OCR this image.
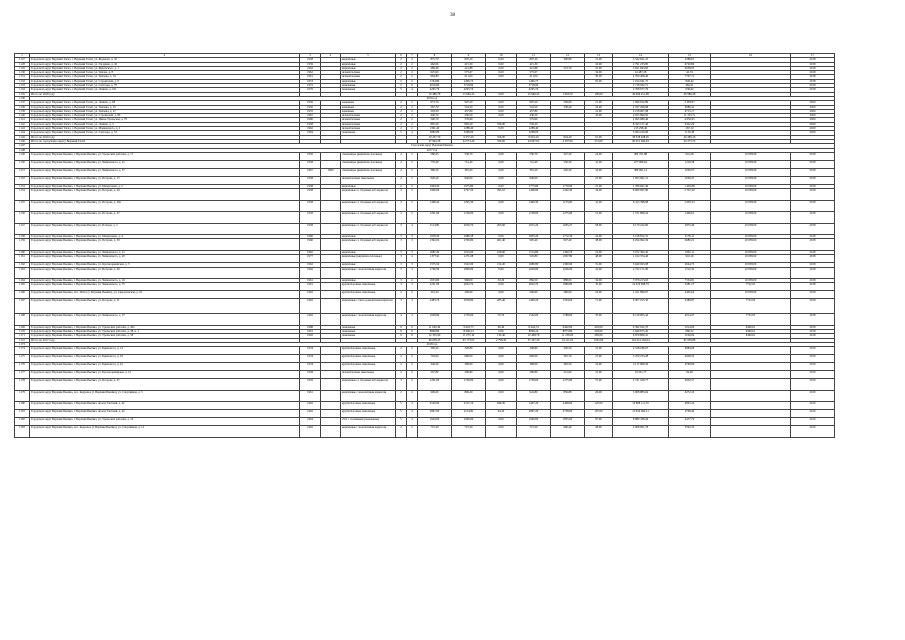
38
1	2	3	4	5	6	7	8	9	10	11	12	13	14	15	16	17
1127	Городской округ Верхний Тагил, г. Верхний Тагил, ул. Жданова, д. 32	1958		кирпичные	2	2	875,70	807,20	0,00	807,20	390,80	21,00	3 542 621,25	4388,81		2018
1128	Городской округ Верхний Тагил, г. Верхний Тагил, ул. Гагарина, д. 4б	1959		кирпичные	2	2	462,06	415,30	0,00	415,30		16,00	2 791 233,85	6720,89		2018
1129	Городской округ Верхний Тагил, г. Верхний Тагил, ул. Жуковского, д. 1	1962		кирпичные	2	2	489,46	421,88	0,00	421,88	272,70	25,00	3 821 693,60	9058,63		2018
1130	Городской округ Верхний Тагил, г. Верхний Тагил, ул. Чехова, д. 8	1962		шлакоблочные	2	2	625,00	575,67	0,00	575,67		34,00	24 487,28	42,53		2018
1131	Городской округ Верхний Тагил, г. Верхний Тагил, ул. Чапаева, д. 34	1961		шлакоблочные	2	2	664,80	611,00	0,00	611,00		30,00	4 709 408,46	7707,71		2018
1132	Городской округ Верхний Тагил, г. Верхний Тагил, ул. Строителей, д. 8	1953		кирпичные	2	2	1764,80	1406,75		1406,75		65,00	1 194 941,75	849,44		2018
1133	Городской округ Верхний Тагил, г. Верхний Тагил, ул. Свободы, д. 79	1975		панельные	5	6	4019,00	3718,90		3718,90			1 718 932,71	462,21		2018
1134	Городской округ Верхний Тагил, г. Верхний Тагил, ул. Ленина, д. 101	1976		панельные	5	4	4295,76	4295,76		4295,76			2 708 977,76	630,62		2018
1135	Итого по 2018 году						16 486,78	15 066,45	0,00	15 066,45	1 663,50	190,00	49 666 451,88	46 986,48		
1136	2019 год															
1137	Городской округ Верхний Тагил, г. Верхний Тагил, ул. Ленина, д. 68	1956		каменные	2	2	973,70	907,20	0,00	907,20	506,00	21,00	1 696 632,89	2 383,97		2020
1138	Городской округ Верхний Тагил, г. Верхний Тагил, ул. Чапаева, д. 25	1956		каменные	2	2	567,70	524,50	0,00	524,50	338,40	16,00	4 767 269,98	9086,41		2020
1139	Городской округ Верхний Тагил, г. Верхний Тагил, ул. Чапаева, д. 27	1955		каменные	2	2	503,50	457,80	0,00	457,80		12,00	2 158 607,98	4715,17		2020
1140	Городской округ Верхний Тагил, г. Верхний Тагил, ул. Строителей, д. 8б	1967		шлакоблочные	2	2	446,70	436,50	0,00	436,50		10,00	4 955 890,92	11 353,71		2020
1141	Городской округ Верхний Тагил, г. Верхний Тагил, ул. Иване-Уральская, д. 79	1960		шлакоблочные	2	2	596,70	579,60		579,60			2 695 689,46	4 650,95		2020
1142	Городской округ Верхний Тагил, г. Верхний Тагил, ул. Ленина, д. 5	1958		шлакоблочные	2	2	865,20	895,20	356,00	539,20			8 345 157,46	9322,20		2020
1143	Городской округ Верхний Тагил, г. Верхний Тагил, ул. Маяковского, д. 2	1962		шлакоблочные	2	2	1391,40	1288,40	0,00	1288,40			215 298,40	167,10		2020
1144	Городской округ Верхний Тагил, г. Верхний Тагил, ул. Свободы, д. 53	1964		панельные	5	4	3882,80	3268,00		3268,00			3 694 100,96	1130,38		2020
1145	Итого по 2019 году						10 227,70	9 357,20	356,00	9 001,20	844,40	61,00	38 528 648,05	46 289,26		
1146	Итого по городскому округу Верхний Тагил						27 902,28	24 573,46	356,00	24 067,65	2 507,90	251,00	90 051 099,94	93 275,74		
1147	Городской округ Верхняя Пышма															
1148	2017 год															
1149	Городской округ Верхняя Пышма, г. Верхняя Пышма, ул. Уральских рабочих, д. 17	1956		смешанные (кирпично-блочные)	2	2	580,45	536,70	0,00	536,70	327,20	24,00	484 701,88	641,28	10 038,00	2018
1150	Городской округ Верхняя Пышма, г. Верхняя Пышма, ул. Чайковского, д. 2а	1958		смешанные (кирпично-блочные)	2	2	770,40	741,40	0,00	741,40	550,50	41,00	477 980,64	1218,38	10 038,00	2018
1151	Городской округ Верхняя Пышма, г. Верхняя Пышма, ул. Чайковского, д. 57	1967	1999	смешанные (кирпично-блочные)	2	2	386,20	381,20	0,00	381,20	226,20	16,00	389 091,14	1020,07	10 038,00	2018
1152	Городской округ Верхняя Пышма, г. Верхняя Пышма, ул. Петрова, д. 15	1958		шлакоблочные панельные	2	2	626,20	640,00	0,00	640,00		23,00	1 055 661,51	1649,47	10 038,00	2018
1153	Городской округ Верхняя Пышма, г. Верхняя Пышма, ул. Менделеева, д. 2	1958		кирпичные	2	2	1904,50	1975,80	0,00	1775,80	1770,60	27,00	1 786 667,49	1 405,88	10 038,00	2018
1154	Городской округ Верхняя Пышма, г. Верхняя Пышма, ул. Петрова, д. 49	1958		кирпичные со сборным ж/б каркасом	3	2	1906,00	2767,20	395,10	1498,80	1262,40	34,00	8 060 997,86	2 767,20	10 038,00	2018
1155	Городской округ Верхняя Пышма, г. Верхняя Пышма, ул. Петрова, д. 49а	1958		кирпичные со сборным ж/б каркасом	3	2	1468,42	1295,30	0,00	1490,30	1135,60	41,00	6 415 398,08	2 095,23	10 038,00	2018
1156	Городской округ Верхняя Пышма, г. Верхняя Пышма, ул. Петрова, д. 47	1959		кирпичные со сборным ж/б каркасом	3	2	1291,90	1728,00	0,00	1728,00	1275,80	51,00	1 721 808,24	1496,61	10 038,00	2018
1157	Городской округ Верхняя Пышма, г. Верхняя Пышма, ул. Победы, д. 2	1958		кирпичные со сборным ж/б каркасом	3	4	2114,80	2029,70	203,60	1815,20	1605,27	58,00	6 170 222,60	2875,46	10 038,00	2018
1158	Городской округ Верхняя Пышма, г. Верхняя Пышма, ул. Менделеева, д. 4	1960		кирпичные	3	3	1978,30	1989,58	0,00	1855,20	1772,30	41,00	3 128 812,31	2178,11	10 038,00	2018
1159	Городской округ Верхняя Пышма, г. Верхняя Пышма, ул. Петрова, д. 59	1960		кирпичные со сборным ж/б каркасом	3	3	1392,02	1706,80	401,40	905,40	907,40	38,00	9 294 992,36	2680,21	10 038,00	2018
1160	Городской округ Верхняя Пышма, г. Верхняя Пышма, ул. Чайковского, д. 21	1965		кирпичные	3	3	1687,40	1615,60	160,60	1514,80	1460,70	74,00	3 072 392,42	1902,11	10 038,00	2018
1161	Городской округ Верхняя Пышма, г. Верхняя Пышма, ул. Чайковского, д. 20	1977		кирпичные (кирпично-блочные)	3	4	1 377,91	1271,08	0,00	545,80	1007,80	48,00	1 164 374,46	916,16	10 038,00	2018
1162	Городской округ Верхняя Пышма, г. Верхняя Пышма, ул. Красноармейская, д. 3	1962		кирпичные	3	3	1575,50	1522,00	152,20	1080,80	1390,90	31,00	3 640 925,08	2644,73	10 038,00	2018
1163	Городской округ Верхняя Пышма, г. Верхняя Пышма, ул. Петрова, д. 49	1962		кирпичные с монолитным каркасом	3	3	1760,96	1800,00	0,00	1626,80	1626,00	41,00	2 722 171,90	1512,32	10 038,00	2018
1164	Городской округ Верхняя Пышма, г. Верхняя Пышма, ул. Чайковского, д. 16	1961		кирпичные	3	2	1653,80	968,00	50,20	884,50	888,00	34,00	7 079 213,63	7354,81	10 038,00	2018
1165	Городской округ Верхняя Пышма, г. Верхняя Пышма, ул. Чайковского, д. 35	1961		крупноблочные панельные	3	3	2251,90	2022,70	0,00	2022,70	1869,80	35,00	14 679 698,79	3281,27	7722,95	2018
1166	Городской округ Верхняя Пышма, пос. Исеть (г. Верхняя Пышма), ул. Свердловская, д. 2б	1962		крупноблочные панельные	2	2	391,20	296,60	0,00	296,60	280,00	24,00	1 221 860,67	4405,64	10 038,00	2018
1167	Городской округ Верхняя Пышма, г. Верхняя Пышма, ул. Петрова, д. 51	1962		кирпичные с гипсо-ремонтным каркасом	3	3	2483,70	2038,80	285,40	1490,20	1594,00	71,00	6 907 015,30	4380,87	7722,95	2018
1168	Городской округ Верхняя Пышма, г. Верхняя Пышма, ул. Чайковского, д. 37	1962		кирпичные с монолитным каркасом	4	4	1928,80	1759,60	70,70	1542,60	1788,00	70,00	8 129 905,44	4914,47	7722,95	2018
1169	Городской округ Верхняя Пышма, г. Верхняя Пышма, ул. Уральских рабочих, д. 40а	1988		панельные	9	9	11 620,40	9 624,75	90,40	8 444,74	9492,60	403,00	9 392 632,70	1014,06	6490,61	2018
1170	Городской округ Верхняя Пышма, г. Верхняя Пышма, ул. Уральских рабочих, д. 48, к. 1	1991		панельные	9	6	8808,80	8 096,24	0,00	8096,24	8073,86	203,00	5 946 675,45	686,52	6490,61	2018
1171	Городской округ Верхняя Пышма, г. Верхняя Пышма, ул. Уральских рабочих, д. 58	1992		панельные	9	6	12 335,90	11 075,10	132,40	10 498,70	11 258,00	283,00	6 879 800,41	1190,04	6490,61	2018
1172	Итого по 2017 году						66 658,45	63 173,95	2 798,30	57 207,20	54 111,05	1925,00	124 314 164,04	81 838,88		
1173	2018 год															
1174	Городской округ Верхняя Пышма, г. Верхняя Пышма, ул. Кривоноса, д. 14	1954		крупноблочные панельные	2	2	369,20	348,80	0,00	348,80	326,50	15,00	2 528 186,07	6984,66		2019
1175	Городской округ Верхняя Пышма, г. Верхняя Пышма, ул. Кривоноса, д. 18	1954		крупноблочные панельные	2	2	703,60	660,00	0,00	660,00	581,70	27,00	3 259 193,28	4928,52		2019
1176	Городской округ Верхняя Пышма, г. Верхняя Пышма, ул. Кривоноса, д. 22	1954		крупноблочные панельные	2	2	346,20	368,00	0,00	368,00	362,50	16,00	4 117 686,36	4760,90		2019
1177	Городской округ Верхняя Пышма, г. Верхняя Пышма, ул. Красноармейская, д. 12	1958		шлакоблочные панельные	2	2	207,80	206,80	0,00	206,80	212,60	15,00	19 221,77	94,99		2019
1178	Городской округ Верхняя Пышма, г. Верхняя Пышма, ул. Петрова, д. 47	1959		кирпичные со сборным ж/б каркасом	3	2	1291,00	1728,00	0,00	1728,00	1275,80	57,00	2 741 106,77	2852,57		2019
1179	Городской округ Верхняя Пышма, пос. Кедровое (г. Верхняя Пышма), ул. Спортивная, д. 5	1961		кирпичные с монолитным каркасом	2	2	996,60	896,20	0,00	924,80	856,80	26,00	5 908 883,04	6272,10		2019
1180	Городской округ Верхняя Пышма, г. Верхняя Пышма, проезд Уютный, д. 42	1962		крупноблочные панельные	5	4	2520,00	2317,10	849,30	1407,20	2448,60	125,00	10 868 111,76	4825,22		2019
1181	Городской округ Верхняя Пышма, г. Верхняя Пышма, проезд Уютный, д. 44	1962		крупноблочные панельные	5	4	2897,00	2114,00	64,20	2897,20	2758,00	107,00	13 059 684,21	4798,40		2019
1182	Городской округ Верхняя Пышма, г. Верхняя Пышма, ул. Уральских рабочих, д. 16	1964		сб/б с головными (панельные)	5	4	1944,00	1940,00	0,00	1940,00	1855,00	97,00	8 880 338,26	4477,79		2019
1183	Городской округ Верхняя Пышма, пос. Кедровое (г. Верхняя Пышма), ул. Спортивная, д. 12	1962		кирпичные с монолитным каркасом	2	2	715,20	715,20	0,00	715,20	660,40	28,00	4 008 001,78	5592,33		2019
